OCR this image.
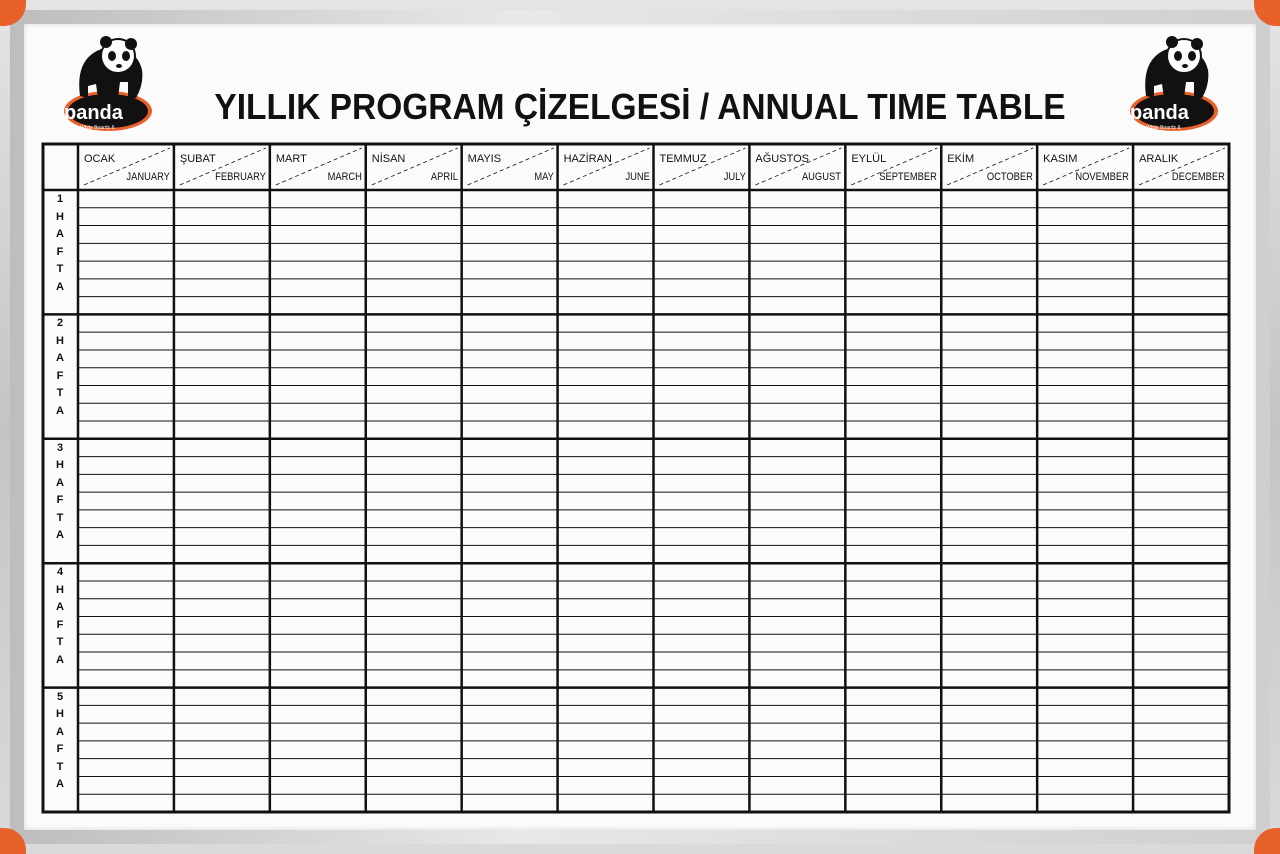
panda
White Boards & Memo Boards
panda
White Boards & Memo Boards
YILLIK PROGRAM ÇİZELGESİ / ANNUAL TIME TABLE
OCAK
JANUARY
ŞUBAT
FEBRUARY
MART
MARCH
NİSAN
APRIL
MAYIS
MAY
HAZİRAN
JUNE
TEMMUZ
JULY
AĞUSTOS
AUGUST
EYLÜL
SEPTEMBER
EKİM
OCTOBER
KASIM
NOVEMBER
ARALIK
DECEMBER
1
H
A
F
T
A
2
H
A
F
T
A
3
H
A
F
T
A
4
H
A
F
T
A
5
H
A
F
T
A
